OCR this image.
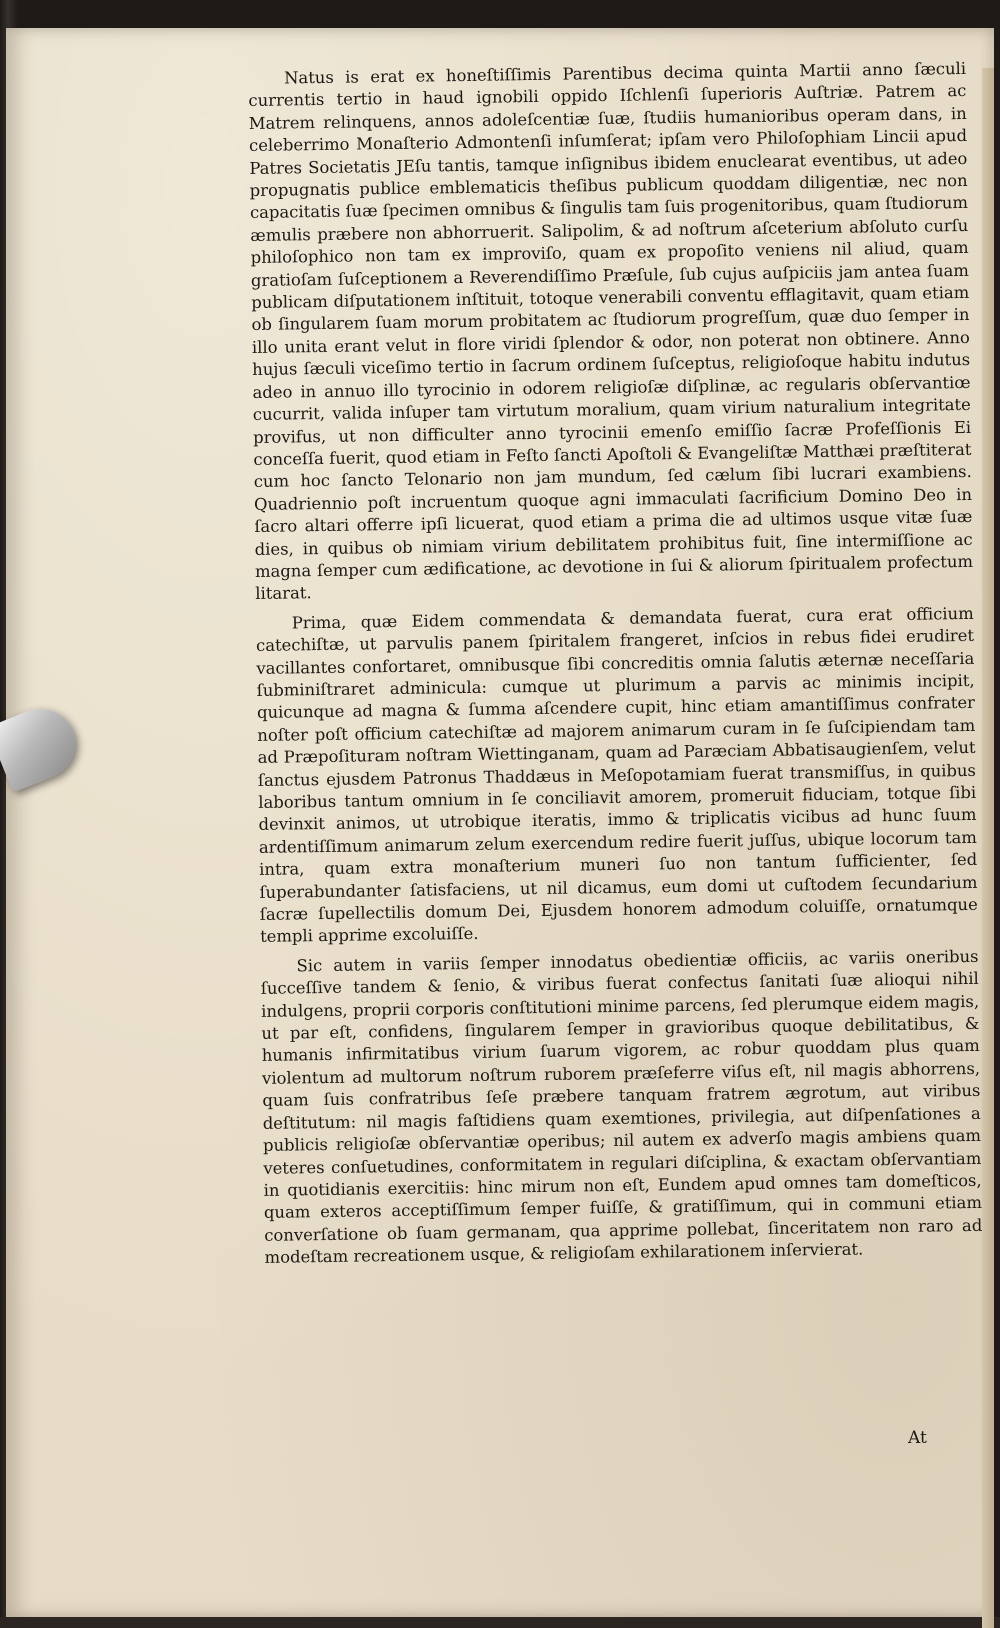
Natus is erat ex honeſtiſſimis Parentibus decima quinta Martii anno ſæculi currentis tertio in haud ignobili oppido Iſchlenſi ſuperioris Auſtriæ. Patrem ac Matrem relinquens, annos adoleſcentiæ ſuæ, ſtudiis humanioribus operam dans, in celeberrimo Monaſterio Admontenſi inſumſerat; ipſam vero Philoſophiam Lincii apud Patres Societatis JEſu tantis, tamque inſignibus ibidem enuclearat eventibus, ut adeo propugnatis publice emblematicis theſibus publicum quoddam diligentiæ, nec non capacitatis ſuæ ſpecimen omnibus & ſingulis tam ſuis progenitoribus, quam ſtudiorum æmulis præbere non abhorruerit. Salipolim, & ad noſtrum aſceterium abſoluto curſu philoſophico non tam ex improviſo, quam ex propoſito veniens nil aliud, quam gratioſam ſuſceptionem a Reverendiſſimo Præſule, ſub cujus auſpiciis jam antea ſuam publicam diſputationem inſtituit, totoque venerabili conventu efflagitavit, quam etiam ob ſingularem ſuam morum probitatem ac ſtudiorum progreſſum, quæ duo ſemper in illo unita erant velut in flore viridi ſplendor & odor, non poterat non obtinere. Anno hujus ſæculi viceſimo tertio in ſacrum ordinem ſuſceptus, religioſoque habitu indutus adeo in annuo illo tyrocinio in odorem religioſæ diſplinæ, ac regularis obſervantiœ cucurrit, valida inſuper tam virtutum moralium, quam virium naturalium integritate provifus, ut non difficulter anno tyrocinii emenſo emiſſio ſacræ Profeſſionis Ei conceſſa fuerit, quod etiam in Feſto ſancti Apoſtoli & Evangeliſtæ Matthæi præſtiterat cum hoc ſancto Telonario non jam mundum, ſed cælum ſibi lucrari exambiens. Quadriennio poſt incruentum quoque agni immaculati ſacrificium Domino Deo in ſacro altari offerre ipſi licuerat, quod etiam a prima die ad ultimos usque vitæ ſuæ dies, in quibus ob nimiam virium debilitatem prohibitus fuit, ſine intermiſſione ac magna ſemper cum ædificatione, ac devotione in ſui & aliorum ſpiritualem profectum litarat.

Prima, quæ Eidem commendata & demandata fuerat, cura erat officium catechiſtæ, ut parvulis panem ſpiritalem frangeret, inſcios in rebus fidei erudiret vacillantes confortaret, omnibusque ſibi concreditis omnia ſalutis æternæ neceſſaria ſubminiſtraret adminicula: cumque ut plurimum a parvis ac minimis incipit, quicunque ad magna & ſumma aſcendere cupit, hinc etiam amantiſſimus confrater noſter poſt officium catechiſtæ ad majorem animarum curam in ſe ſuſcipiendam tam ad Præpoſituram noſtram Wiettinganam, quam ad Paræciam Abbatisaugienſem, velut ſanctus ejusdem Patronus Thaddæus in Meſopotamiam fuerat transmiſſus, in quibus laboribus tantum omnium in ſe conciliavit amorem, promeruit fiduciam, totque ſibi devinxit animos, ut utrobique iteratis, immo & triplicatis vicibus ad hunc ſuum ardentiſſimum animarum zelum exercendum redire fuerit juſſus, ubique locorum tam intra, quam extra monaſterium muneri ſuo non tantum ſufficienter, ſed ſuperabundanter ſatisfaciens, ut nil dicamus, eum domi ut cuſtodem ſecundarium ſacræ ſupellectilis domum Dei, Ejusdem honorem admodum coluiſſe, ornatumque templi apprime excoluiſſe.

Sic autem in variis ſemper innodatus obedientiæ officiis, ac variis oneribus ſucceſſive tandem & ſenio, & viribus fuerat confectus ſanitati ſuæ alioqui nihil indulgens, proprii corporis conſtitutioni minime parcens, ſed plerumque eidem magis, ut par eſt, confidens, ſingularem ſemper in gravioribus quoque debilitatibus, & humanis infirmitatibus virium ſuarum vigorem, ac robur quoddam plus quam violentum ad multorum noſtrum ruborem præſeferre viſus eſt, nil magis abhorrens, quam ſuis confratribus ſeſe præbere tanquam fratrem ægrotum, aut viribus deſtitutum: nil magis faſtidiens quam exemtiones, privilegia, aut diſpenſationes a publicis religioſæ obſervantiæ operibus; nil autem ex adverſo magis ambiens quam veteres conſuetudines, conformitatem in regulari diſciplina, & exactam obſervantiam in quotidianis exercitiis: hinc mirum non eſt, Eundem apud omnes tam domeſticos, quam exteros acceptiſſimum ſemper fuiſſe, & gratiſſimum, qui in communi etiam converſatione ob ſuam germanam, qua apprime pollebat, ſinceritatem non raro ad modeſtam recreationem usque, & religioſam exhilarationem inſervierat.

At
